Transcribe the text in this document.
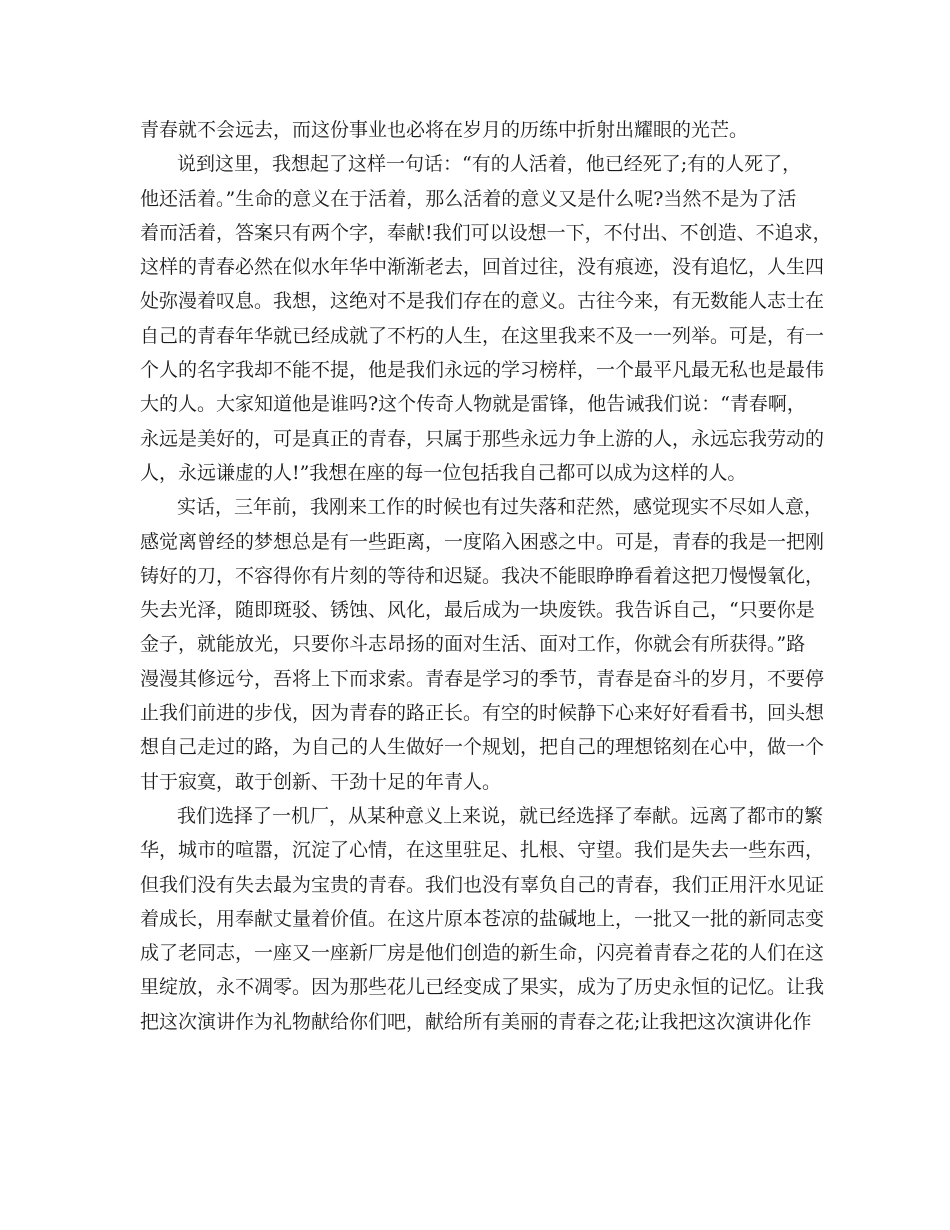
青春就不会远去，而这份事业也必将在岁月的历练中折射出耀眼的光芒。
说到这里，我想起了这样一句话：“有的人活着，他已经死了;有的人死了，
他还活着。”生命的意义在于活着，那么活着的意义又是什么呢?当然不是为了活
着而活着，答案只有两个字，奉献!我们可以设想一下，不付出、不创造、不追求，
这样的青春必然在似水年华中渐渐老去，回首过往，没有痕迹，没有追忆，人生四
处弥漫着叹息。我想，这绝对不是我们存在的意义。古往今来，有无数能人志士在
自己的青春年华就已经成就了不朽的人生，在这里我来不及一一列举。可是，有一
个人的名字我却不能不提，他是我们永远的学习榜样，一个最平凡最无私也是最伟
大的人。大家知道他是谁吗?这个传奇人物就是雷锋，他告诫我们说：“青春啊，
永远是美好的，可是真正的青春，只属于那些永远力争上游的人，永远忘我劳动的
人，永远谦虚的人!”我想在座的每一位包括我自己都可以成为这样的人。
实话，三年前，我刚来工作的时候也有过失落和茫然，感觉现实不尽如人意，
感觉离曾经的梦想总是有一些距离，一度陷入困惑之中。可是，青春的我是一把刚
铸好的刀，不容得你有片刻的等待和迟疑。我决不能眼睁睁看着这把刀慢慢氧化，
失去光泽，随即斑驳、锈蚀、风化，最后成为一块废铁。我告诉自己，“只要你是
金子，就能放光，只要你斗志昂扬的面对生活、面对工作，你就会有所获得。”路
漫漫其修远兮，吾将上下而求索。青春是学习的季节，青春是奋斗的岁月，不要停
止我们前进的步伐，因为青春的路正长。有空的时候静下心来好好看看书，回头想
想自己走过的路，为自己的人生做好一个规划，把自己的理想铭刻在心中，做一个
甘于寂寞，敢于创新、干劲十足的年青人。
我们选择了一机厂，从某种意义上来说，就已经选择了奉献。远离了都市的繁
华，城市的喧嚣，沉淀了心情，在这里驻足、扎根、守望。我们是失去一些东西，
但我们没有失去最为宝贵的青春。我们也没有辜负自己的青春，我们正用汗水见证
着成长，用奉献丈量着价值。在这片原本苍凉的盐碱地上，一批又一批的新同志变
成了老同志，一座又一座新厂房是他们创造的新生命，闪亮着青春之花的人们在这
里绽放，永不凋零。因为那些花儿已经变成了果实，成为了历史永恒的记忆。让我
把这次演讲作为礼物献给你们吧，献给所有美丽的青春之花;让我把这次演讲化作
